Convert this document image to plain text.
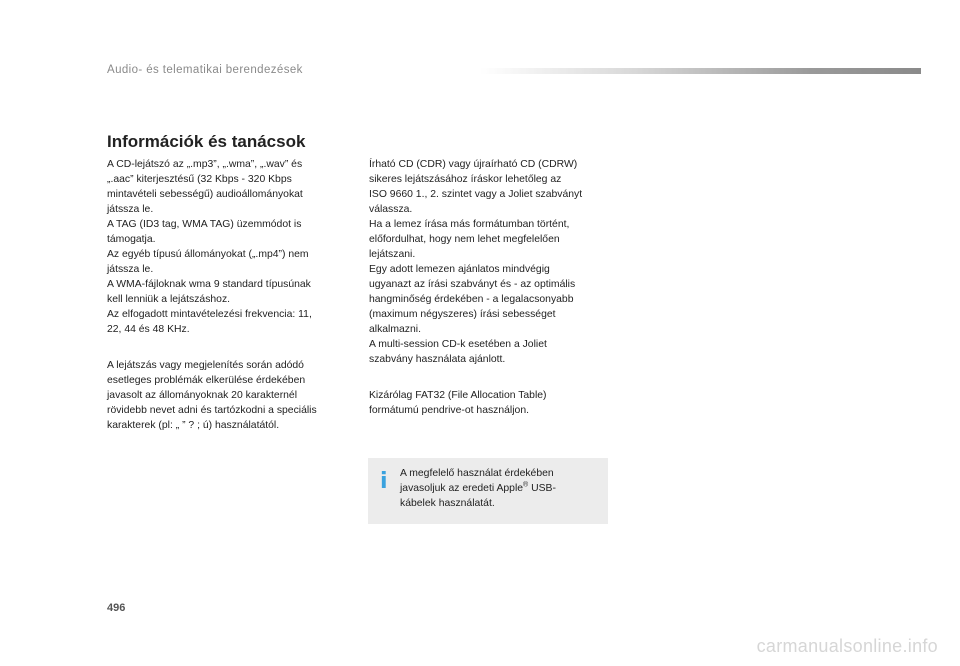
Audio- és telematikai berendezések
Információk és tanácsok

A CD-lejátszó az „.mp3”, „.wma”, „.wav” és
„.aac” kiterjesztésű (32 Kbps - 320 Kbps
mintavételi sebességű) audioállományokat
játssza le.
A TAG (ID3 tag, WMA TAG) üzemmódot is
támogatja.
Az egyéb típusú állományokat („.mp4”) nem
játssza le.
A WMA-fájloknak wma 9 standard típusúnak
kell lenniük a lejátszáshoz.
Az elfogadott mintavételezési frekvencia: 11,
22, 44 és 48 KHz.

A lejátszás vagy megjelenítés során adódó
esetleges problémák elkerülése érdekében
javasolt az állományoknak 20 karakternél
rövidebb nevet adni és tartózkodni a speciális
karakterek (pl: „ ” ? ; ú) használatától.

Írható CD (CDR) vagy újraírható CD (CDRW)
sikeres lejátszásához íráskor lehetőleg az
ISO 9660 1., 2. szintet vagy a Joliet szabványt
válassza.
Ha a lemez írása más formátumban történt,
előfordulhat, hogy nem lehet megfelelően
lejátszani.
Egy adott lemezen ajánlatos mindvégig
ugyanazt az írási szabványt és - az optimális
hangminőség érdekében - a legalacsonyabb
(maximum négyszeres) írási sebességet
alkalmazni.
A multi-session CD-k esetében a Joliet
szabvány használata ajánlott.

Kizárólag FAT32 (File Allocation Table)
formátumú pendrive-ot használjon.

i A megfelelő használat érdekében
javasoljuk az eredeti Apple® USB-
kábelek használatát.
496
carmanualsonline.info
